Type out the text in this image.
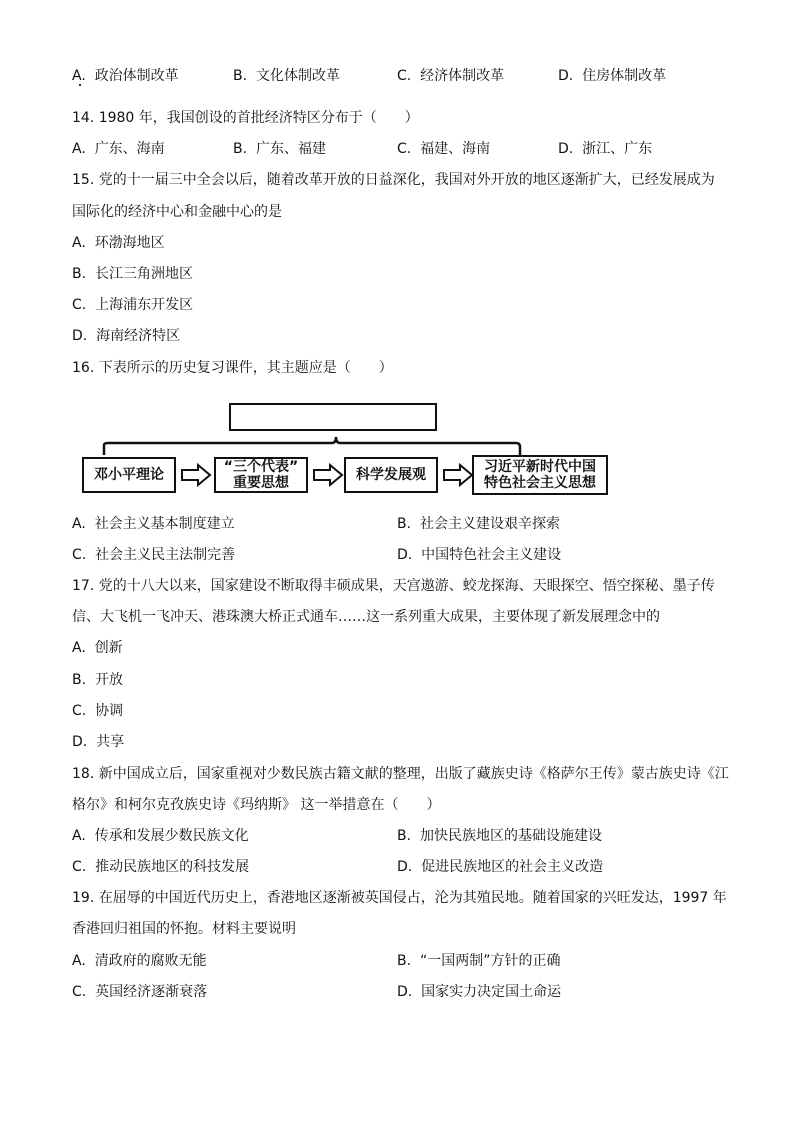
A. 政治体制改革	B. 文化体制改革	C. 经济体制改革	D. 住房体制改革
14. 1980 年，我国创设的首批经济特区分布于（　　）
A. 广东、海南	B. 广东、福建	C. 福建、海南	D. 浙江、广东
15. 党的十一届三中全会以后，随着改革开放的日益深化，我国对外开放的地区逐渐扩大，已经发展成为
国际化的经济中心和金融中心的是
A. 环渤海地区
B. 长江三角洲地区
C. 上海浦东开发区
D. 海南经济特区
16. 下表所示的历史复习课件，其主题应是（　　）
邓小平理论	“三个代表”
重要思想	科学发展观	习近平新时代中国
特色社会主义思想
A. 社会主义基本制度建立	B. 社会主义建设艰辛探索
C. 社会主义民主法制完善	D. 中国特色社会主义建设
17. 党的十八大以来，国家建设不断取得丰硕成果，天宫遨游、蛟龙探海、天眼探空、悟空探秘、墨子传
信、大飞机一飞冲天、港珠澳大桥正式通车……这一系列重大成果，主要体现了新发展理念中的
A. 创新
B. 开放
C. 协调
D. 共享
18. 新中国成立后，国家重视对少数民族古籍文献的整理，出版了藏族史诗《格萨尔王传》蒙古族史诗《江
格尔》和柯尔克孜族史诗《玛纳斯》 这一举措意在（　　）
A. 传承和发展少数民族文化	B. 加快民族地区的基础设施建设
C. 推动民族地区的科技发展	D. 促进民族地区的社会主义改造
19. 在屈辱的中国近代历史上，香港地区逐渐被英国侵占，沦为其殖民地。随着国家的兴旺发达，1997 年
香港回归祖国的怀抱。材料主要说明
A. 清政府的腐败无能	B. “一国两制”方针的正确
C. 英国经济逐渐衰落	D. 国家实力决定国土命运
